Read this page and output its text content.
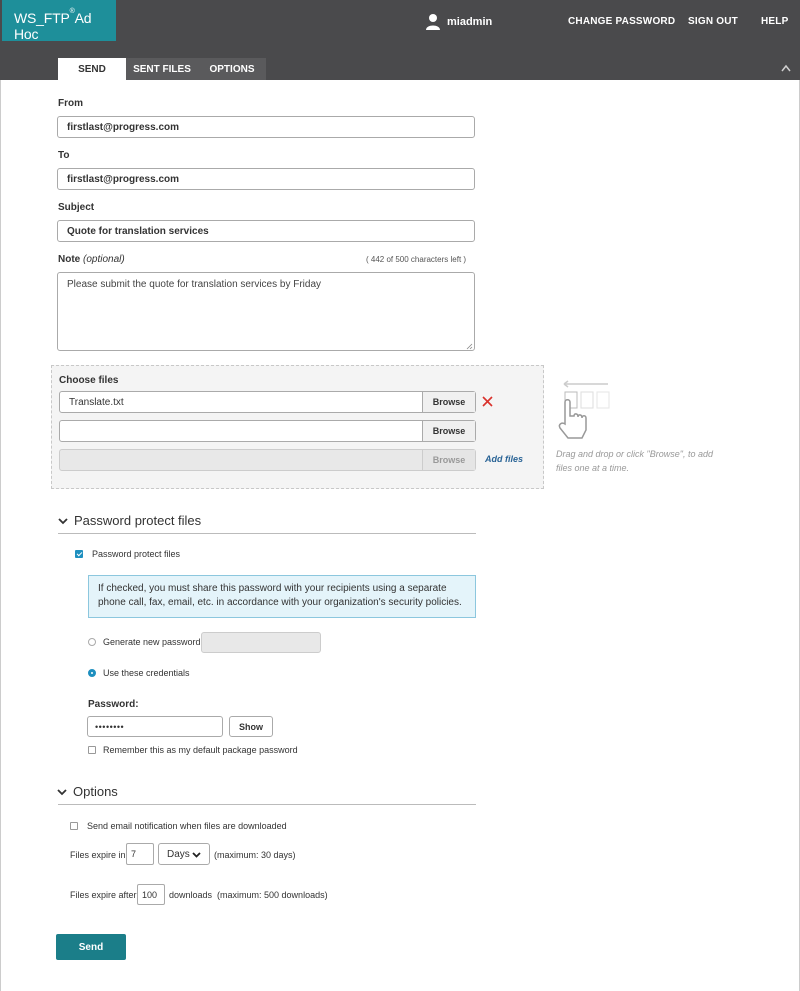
WS_FTP®Ad Hoc
miadmin	CHANGE PASSWORD SIGN OUT HELP
SEND	SENT FILES	OPTIONS
From
firstlast@progress.com
To
firstlast@progress.com
Subject
Quote for translation services
Note (optional)	( 442 of 500 characters left )
Please submit the quote for translation services by Friday
Choose files
Translate.txt	Browse
Browse
Browse	Add files	Drag and drop or click "Browse", to add files one at a time.
Password protect files
Password protect files
If checked, you must share this password with your recipients using a separate phone call, fax, email, etc. in accordance with your organization's security policies.
Generate new password
Use these credentials
Password:
••••••••	Show
Remember this as my default package password
Options
Send email notification when files are downloaded
Files expire in 7	Days	(maximum: 30 days)
Files expire after 100	downloads  (maximum: 500 downloads)
Send
